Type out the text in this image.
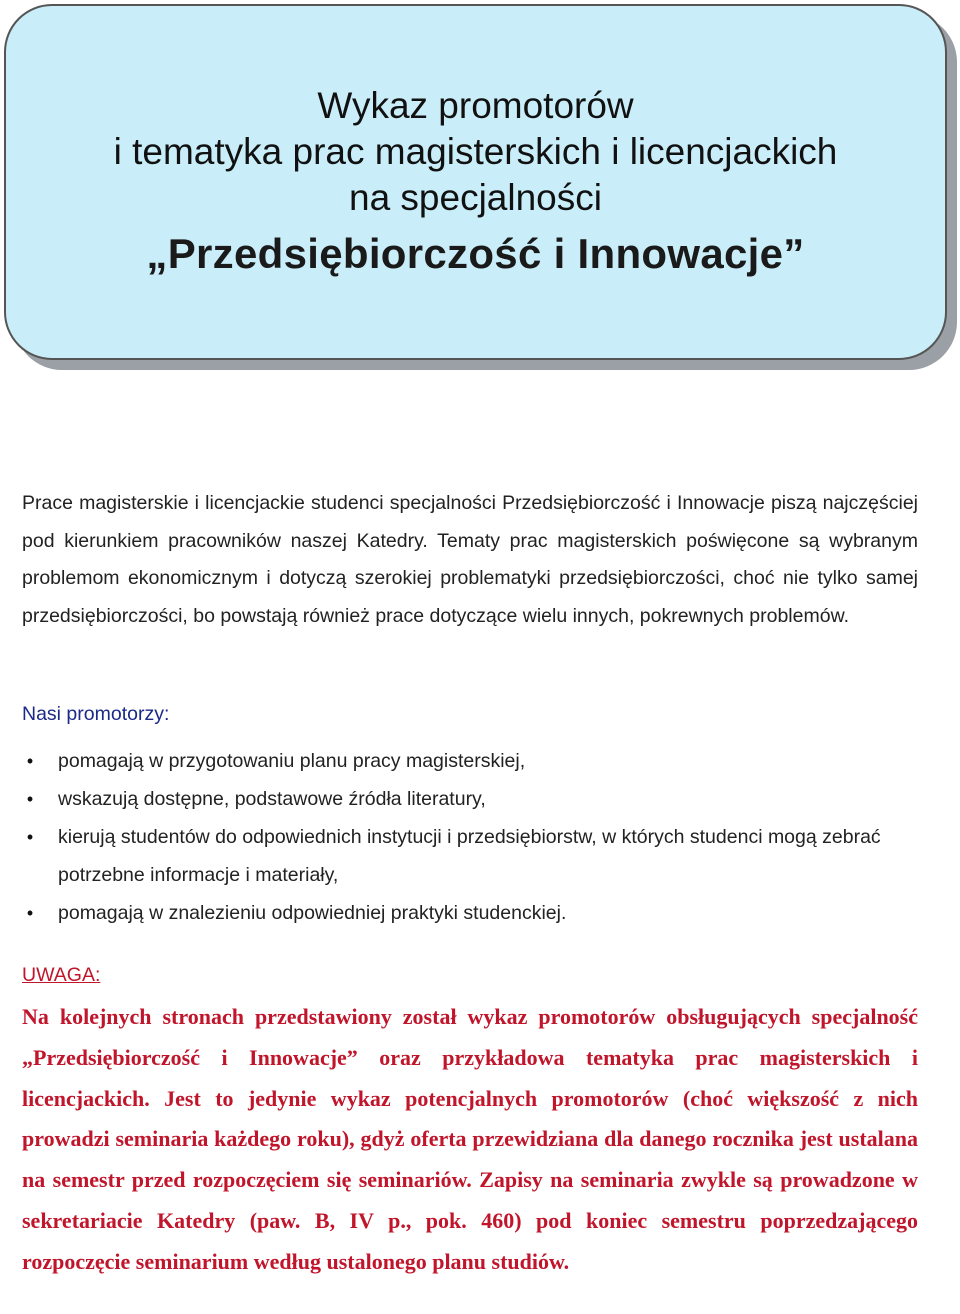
Wykaz promotorów
i tematyka prac magisterskich i licencjackich
na specjalności
„Przedsiębiorczość i Innowacje”

Prace magisterskie i licencjackie studenci specjalności Przedsiębiorczość i Innowacje piszą najczęściej pod kierunkiem pracowników naszej Katedry. Tematy prac magisterskich poświęcone są wybranym problemom ekonomicznym i dotyczą szerokiej problematyki przedsiębiorczości, choć nie tylko samej przedsiębiorczości, bo powstają również prace dotyczące wielu innych, pokrewnych problemów.

Nasi promotorzy:

• pomagają w przygotowaniu planu pracy magisterskiej,
• wskazują dostępne, podstawowe źródła literatury,
• kierują studentów do odpowiednich instytucji i przedsiębiorstw, w których studenci mogą zebrać potrzebne informacje i materiały,
• pomagają w znalezieniu odpowiedniej praktyki studenckiej.

UWAGA:

Na kolejnych stronach przedstawiony został wykaz promotorów obsługujących specjalność „Przedsiębiorczość i Innowacje” oraz przykładowa tematyka prac magisterskich i licencjackich. Jest to jedynie wykaz potencjalnych promotorów (choć większość z nich prowadzi seminaria każdego roku), gdyż oferta przewidziana dla danego rocznika jest ustalana na semestr przed rozpoczęciem się seminariów. Zapisy na seminaria zwykle są prowadzone w sekretariacie Katedry (paw. B, IV p., pok. 460) pod koniec semestru poprzedzającego rozpoczęcie seminarium według ustalonego planu studiów.
